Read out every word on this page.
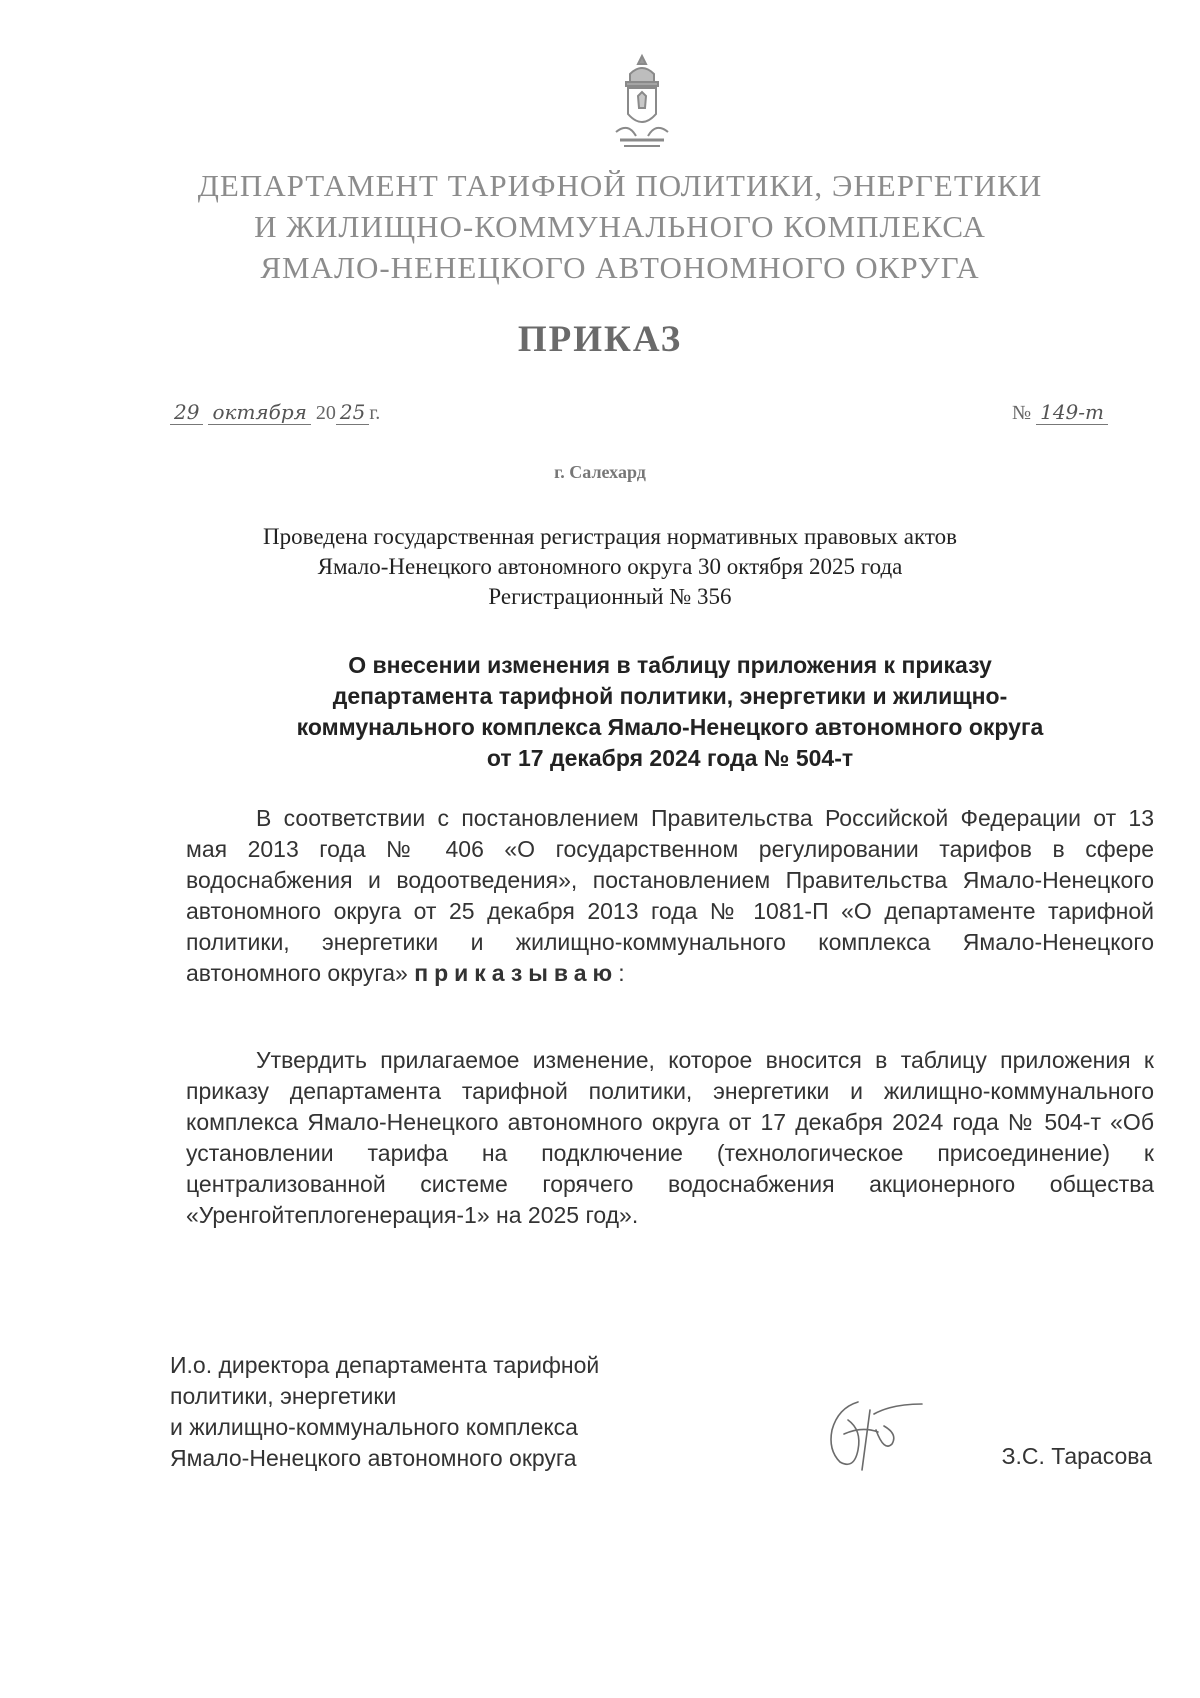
ДЕПАРТАМЕНТ ТАРИФНОЙ ПОЛИТИКИ, ЭНЕРГЕТИКИ
И ЖИЛИЩНО-КОММУНАЛЬНОГО КОМПЛЕКСА
ЯМАЛО-НЕНЕЦКОГО АВТОНОМНОГО ОКРУГА
ПРИКАЗ
29 октября 20 25 г.	№ 149-т
г. Салехард
Проведена государственная регистрация нормативных правовых актов
Ямало-Ненецкого автономного округа 30 октября 2025 года
Регистрационный № 356
О внесении изменения в таблицу приложения к приказу
департамента тарифной политики, энергетики и жилищно-
коммунального комплекса Ямало-Ненецкого автономного округа
от 17 декабря 2024 года № 504-т
В соответствии с постановлением Правительства Российской Федерации от 13 мая 2013 года № 406 «О государственном регулировании тарифов в сфере водоснабжения и водоотведения», постановлением Правительства Ямало-Ненецкого автономного округа от 25 декабря 2013 года № 1081-П «О департаменте тарифной политики, энергетики и жилищно-коммунального комплекса Ямало-Ненецкого автономного округа» приказываю:
Утвердить прилагаемое изменение, которое вносится в таблицу приложения к приказу департамента тарифной политики, энергетики и жилищно-коммунального комплекса Ямало-Ненецкого автономного округа от 17 декабря 2024 года № 504-т «Об установлении тарифа на подключение (технологическое присоединение) к централизованной системе горячего водоснабжения акционерного общества «Уренгойтеплогенерация-1» на 2025 год».
И.о. директора департамента тарифной
политики, энергетики
и жилищно-коммунального комплекса
Ямало-Ненецкого автономного округа	З.С. Тарасова
